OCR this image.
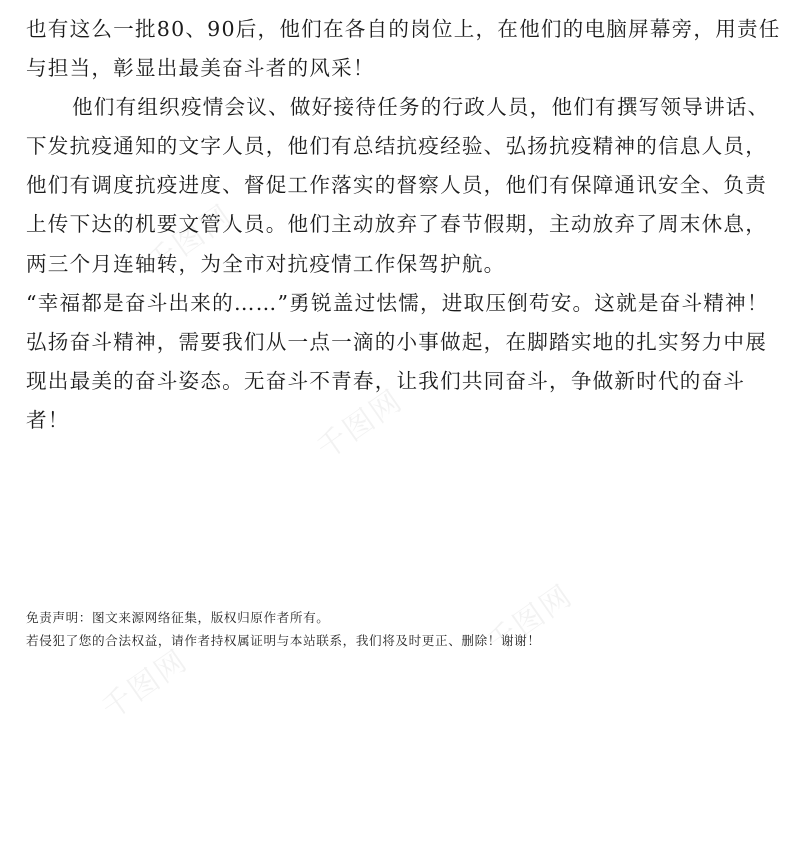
千图网
千图网
千图网
千图网

也有这么一批80、90后，他们在各自的岗位上，在他们的电脑屏幕旁，用责任与担当，彰显出最美奋斗者的风采！

他们有组织疫情会议、做好接待任务的行政人员，他们有撰写领导讲话、下发抗疫通知的文字人员，他们有总结抗疫经验、弘扬抗疫精神的信息人员，他们有调度抗疫进度、督促工作落实的督察人员，他们有保障通讯安全、负责上传下达的机要文管人员。他们主动放弃了春节假期，主动放弃了周末休息，两三个月连轴转，为全市对抗疫情工作保驾护航。

“幸福都是奋斗出来的……”勇锐盖过怯懦，进取压倒苟安。这就是奋斗精神！弘扬奋斗精神，需要我们从一点一滴的小事做起，在脚踏实地的扎实努力中展现出最美的奋斗姿态。无奋斗不青春，让我们共同奋斗，争做新时代的奋斗者！

免责声明：图文来源网络征集，版权归原作者所有。

若侵犯了您的合法权益，请作者持权属证明与本站联系，我们将及时更正、删除！谢谢！
